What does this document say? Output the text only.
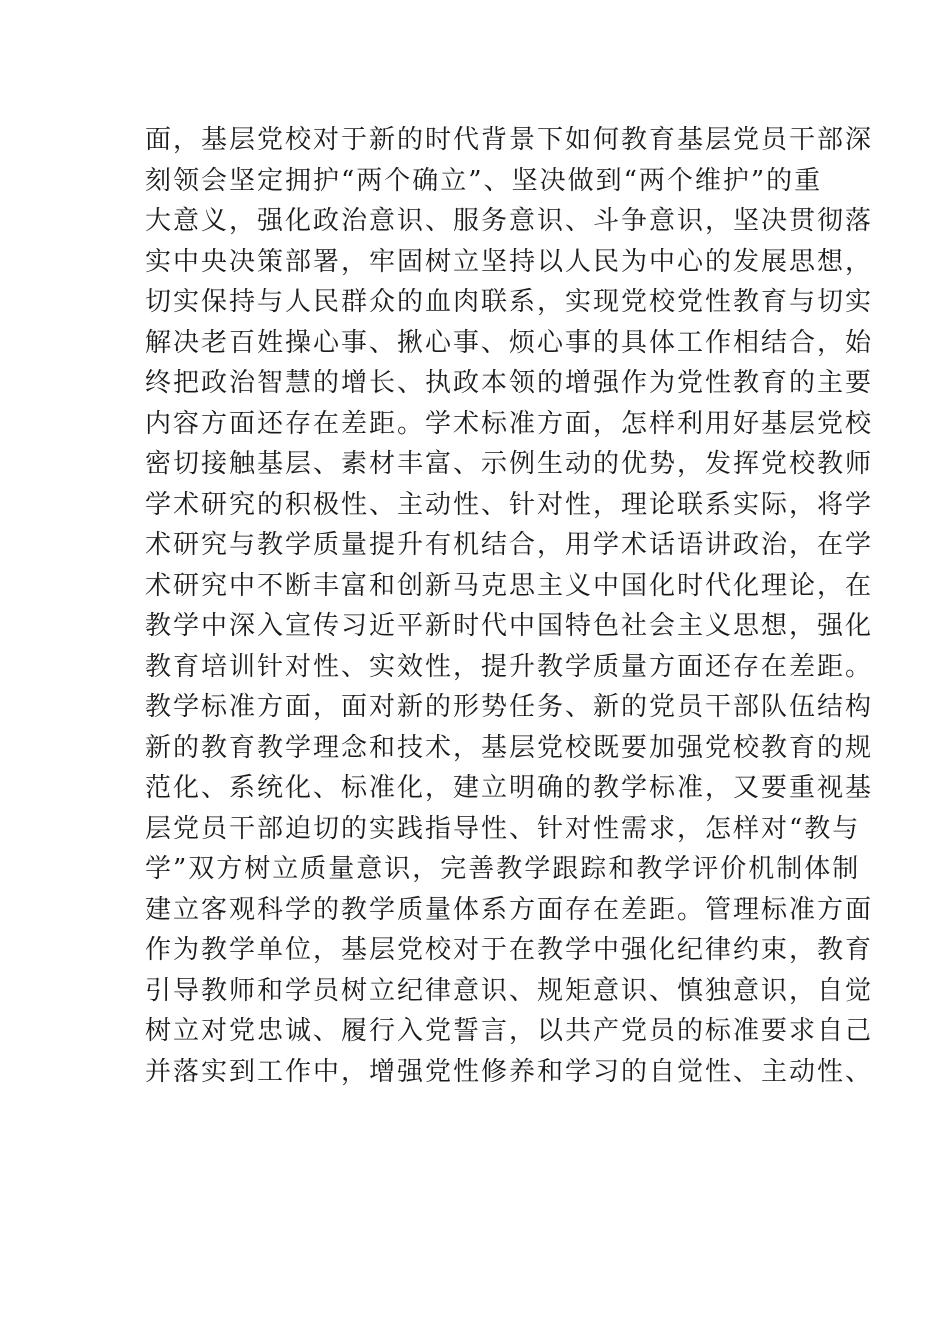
面，基层党校对于新的时代背景下如何教育基层党员干部深
刻领会坚定拥护“两个确立”、坚决做到“两个维护”的重
大意义，强化政治意识、服务意识、斗争意识，坚决贯彻落
实中央决策部署，牢固树立坚持以人民为中心的发展思想，
切实保持与人民群众的血肉联系，实现党校党性教育与切实
解决老百姓操心事、揪心事、烦心事的具体工作相结合，始
终把政治智慧的增长、执政本领的增强作为党性教育的主要
内容方面还存在差距。学术标准方面，怎样利用好基层党校
密切接触基层、素材丰富、示例生动的优势，发挥党校教师
学术研究的积极性、主动性、针对性，理论联系实际，将学
术研究与教学质量提升有机结合，用学术话语讲政治，在学
术研究中不断丰富和创新马克思主义中国化时代化理论，在
教学中深入宣传习近平新时代中国特色社会主义思想，强化
教育培训针对性、实效性，提升教学质量方面还存在差距。
教学标准方面，面对新的形势任务、新的党员干部队伍结构
新的教育教学理念和技术，基层党校既要加强党校教育的规
范化、系统化、标准化，建立明确的教学标准，又要重视基
层党员干部迫切的实践指导性、针对性需求，怎样对“教与
学”双方树立质量意识，完善教学跟踪和教学评价机制体制
建立客观科学的教学质量体系方面存在差距。管理标准方面
作为教学单位，基层党校对于在教学中强化纪律约束，教育
引导教师和学员树立纪律意识、规矩意识、慎独意识，自觉
树立对党忠诚、履行入党誓言，以共产党员的标准要求自己
并落实到工作中，增强党性修养和学习的自觉性、主动性、
